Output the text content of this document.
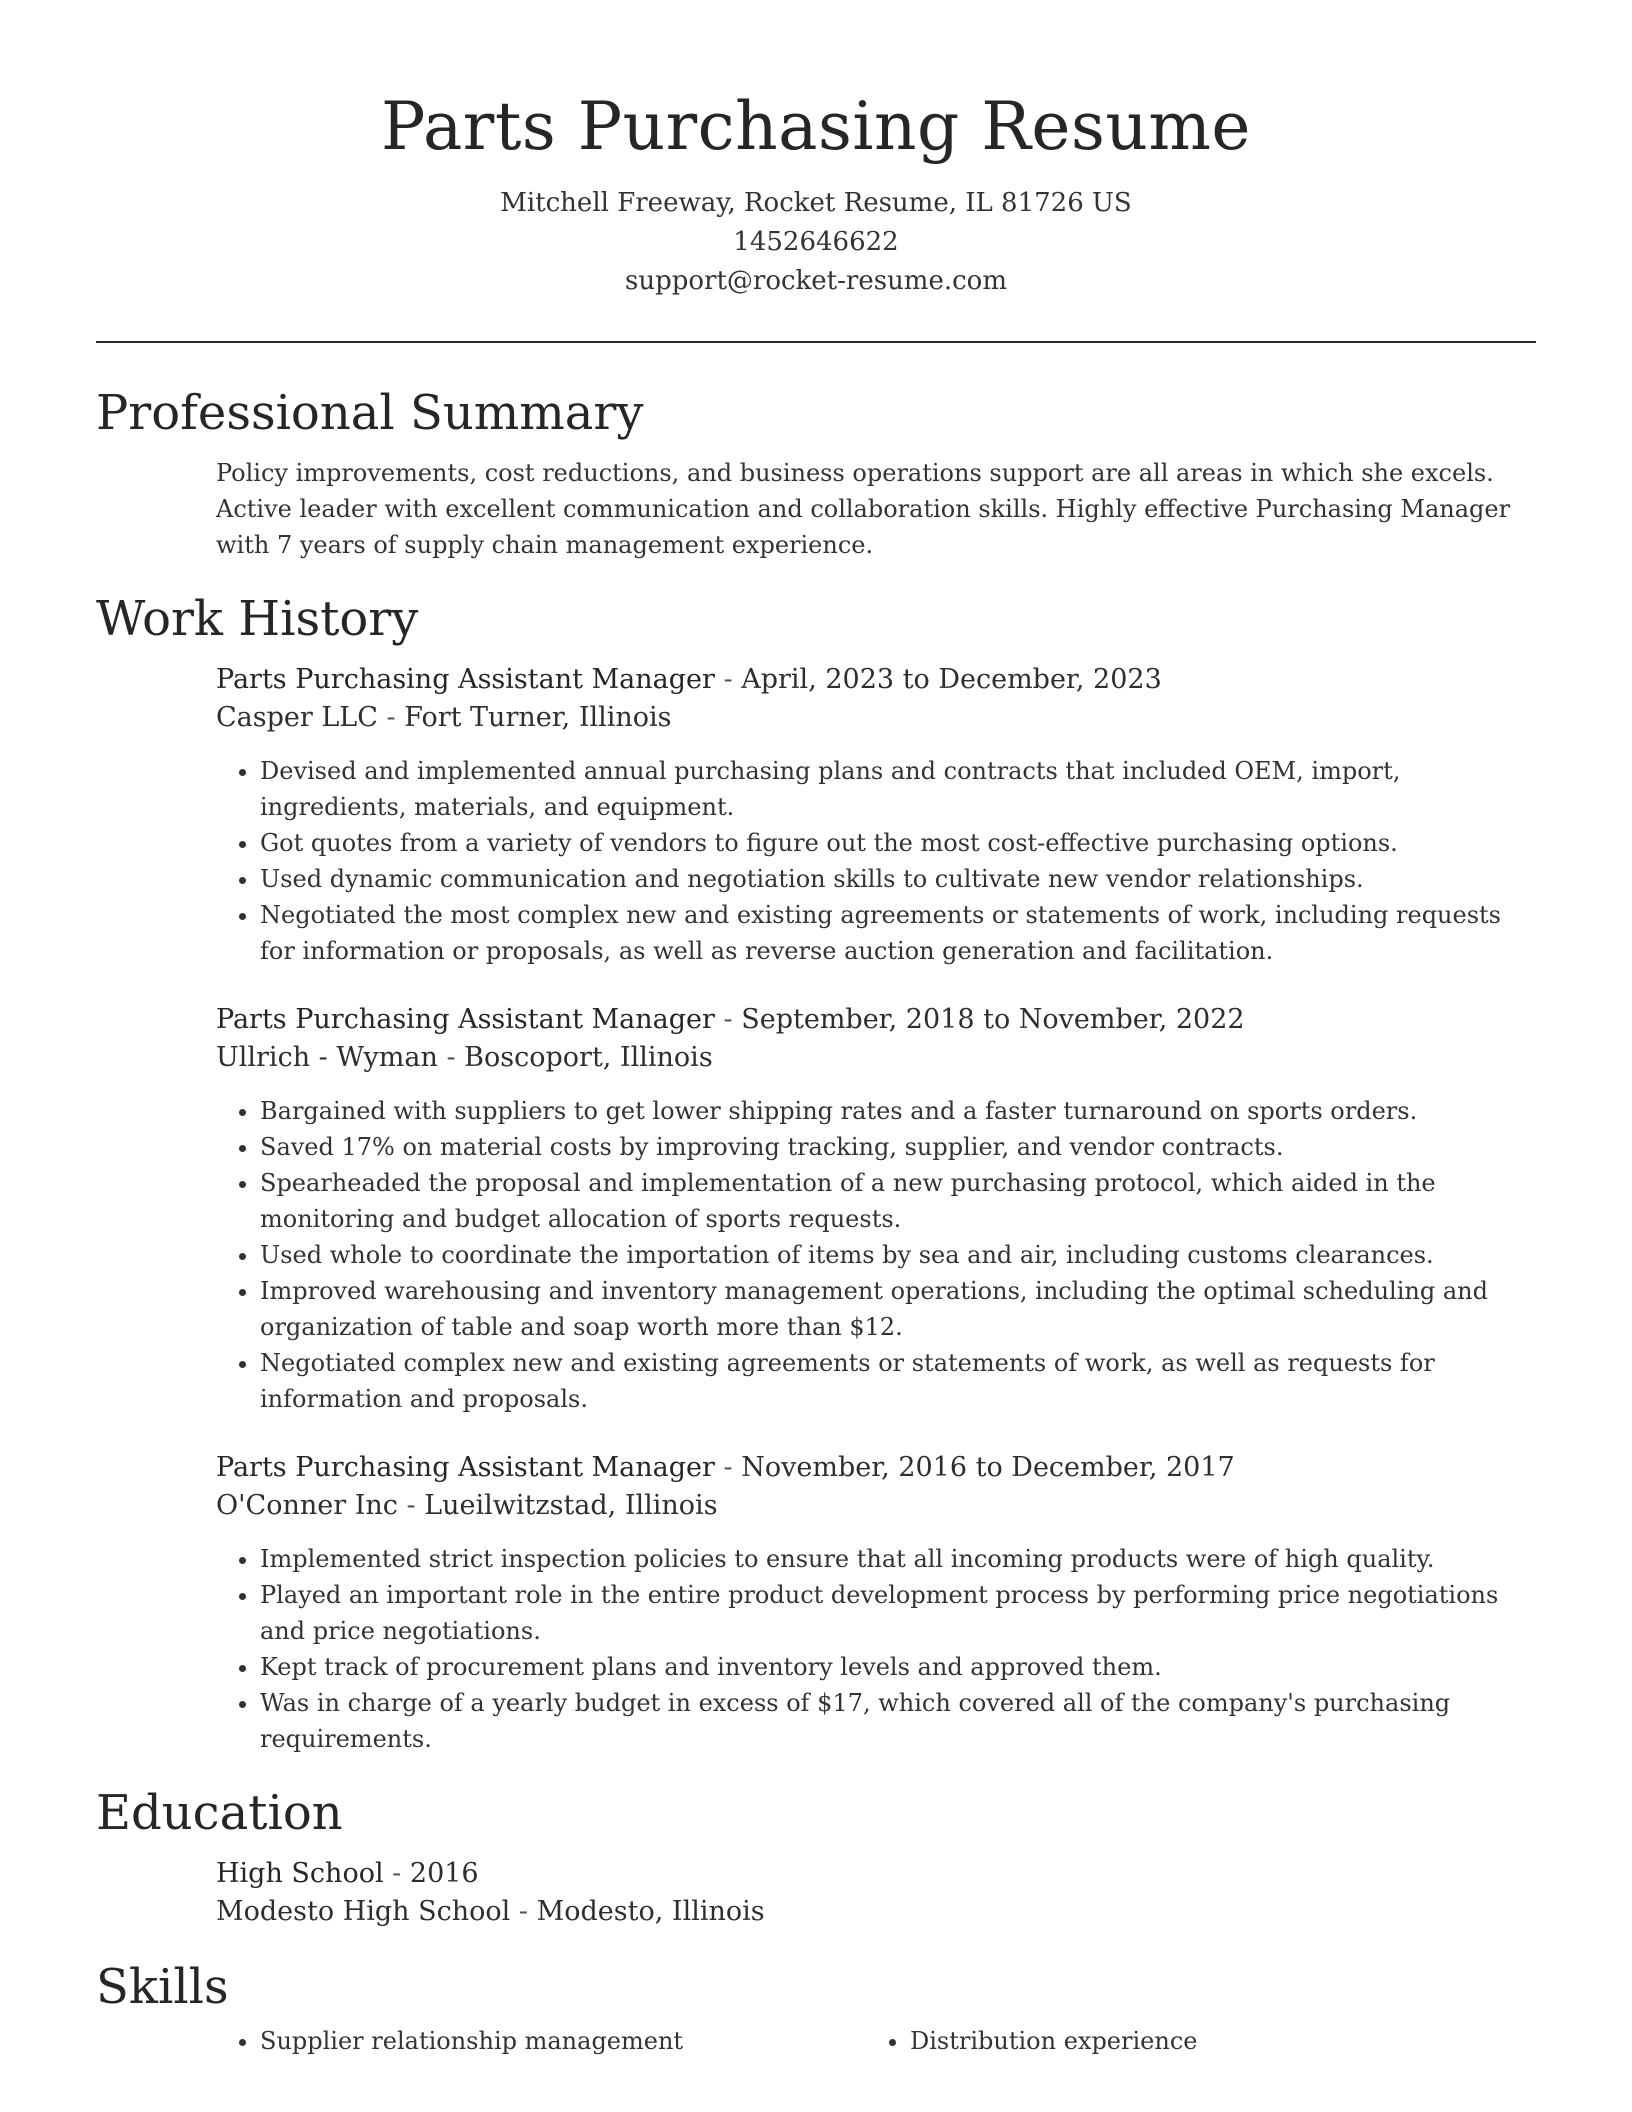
Parts Purchasing Resume
Mitchell Freeway, Rocket Resume, IL 81726 US
1452646622
support@rocket-resume.com
Professional Summary
Policy improvements, cost reductions, and business operations support are all areas in which she excels. Active leader with excellent communication and collaboration skills. Highly effective Purchasing Manager with 7 years of supply chain management experience.
Work History
Parts Purchasing Assistant Manager - April, 2023 to December, 2023
Casper LLC - Fort Turner, Illinois
• Devised and implemented annual purchasing plans and contracts that included OEM, import, ingredients, materials, and equipment.
• Got quotes from a variety of vendors to figure out the most cost-effective purchasing options.
• Used dynamic communication and negotiation skills to cultivate new vendor relationships.
• Negotiated the most complex new and existing agreements or statements of work, including requests for information or proposals, as well as reverse auction generation and facilitation.
Parts Purchasing Assistant Manager - September, 2018 to November, 2022
Ullrich - Wyman - Boscoport, Illinois
• Bargained with suppliers to get lower shipping rates and a faster turnaround on sports orders.
• Saved 17% on material costs by improving tracking, supplier, and vendor contracts.
• Spearheaded the proposal and implementation of a new purchasing protocol, which aided in the monitoring and budget allocation of sports requests.
• Used whole to coordinate the importation of items by sea and air, including customs clearances.
• Improved warehousing and inventory management operations, including the optimal scheduling and organization of table and soap worth more than $12.
• Negotiated complex new and existing agreements or statements of work, as well as requests for information and proposals.
Parts Purchasing Assistant Manager - November, 2016 to December, 2017
O'Conner Inc - Lueilwitzstad, Illinois
• Implemented strict inspection policies to ensure that all incoming products were of high quality.
• Played an important role in the entire product development process by performing price negotiations and price negotiations.
• Kept track of procurement plans and inventory levels and approved them.
• Was in charge of a yearly budget in excess of $17, which covered all of the company's purchasing requirements.
Education
High School - 2016
Modesto High School - Modesto, Illinois
Skills
• Supplier relationship management
•	Distribution experience
